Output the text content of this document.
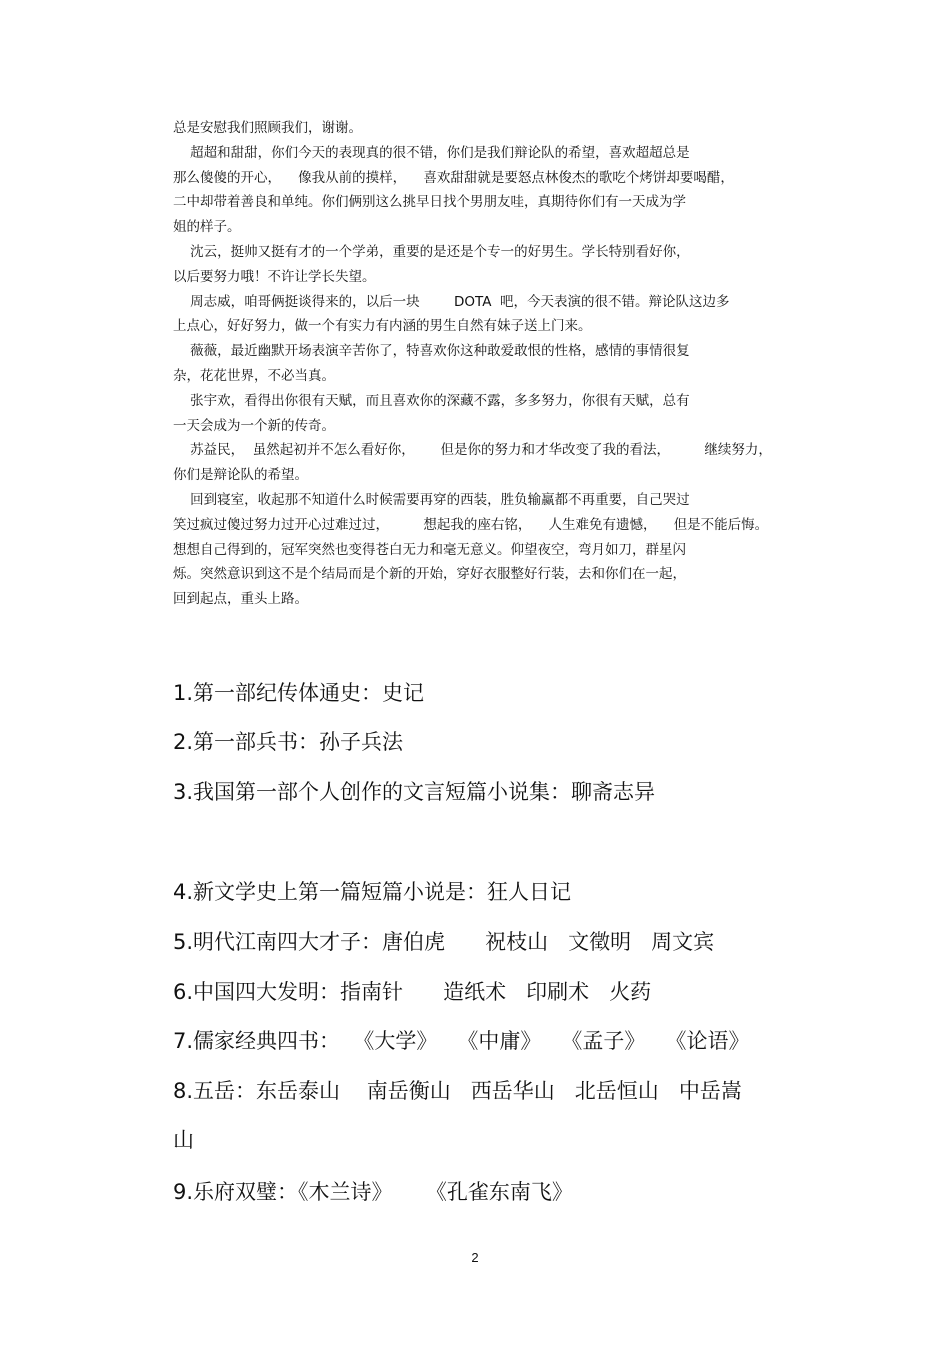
总是安慰我们照顾我们，谢谢。
超超和甜甜，你们今天的表现真的很不错，你们是我们辩论队的希望，喜欢超超总是
那么傻傻的开心，    像我从前的摸样，    喜欢甜甜就是要怒点林俊杰的歌吃个烤饼却要喝醋，
二中却带着善良和单纯。你们俩别这么挑早日找个男朋友哇，真期待你们有一天成为学
姐的样子。
沈云，挺帅又挺有才的一个学弟，重要的是还是个专一的好男生。学长特别看好你，
以后要努力哦！不许让学长失望。
周志威，咱哥俩挺谈得来的，以后一块        DOTA  吧，今天表演的很不错。辩论队这边多
上点心，好好努力，做一个有实力有内涵的男生自然有妹子送上门来。
薇薇，最近幽默开场表演辛苦你了，特喜欢你这种敢爱敢恨的性格，感情的事情很复
杂，花花世界，不必当真。
张宇欢，看得出你很有天赋，而且喜欢你的深藏不露，多多努力，你很有天赋，总有
一天会成为一个新的传奇。
苏益民，  虽然起初并不怎么看好你，      但是你的努力和才华改变了我的看法，        继续努力，
你们是辩论队的希望。
回到寝室，收起那不知道什么时候需要再穿的西装，胜负输赢都不再重要，自己哭过
笑过疯过傻过努力过开心过难过过，        想起我的座右铭，    人生难免有遗憾，    但是不能后悔。
想想自己得到的，冠军突然也变得苍白无力和毫无意义。仰望夜空，弯月如刀，群星闪
烁。突然意识到这不是个结局而是个新的开始，穿好衣服整好行装，去和你们在一起，
回到起点，重头上路。
1.第一部纪传体通史：史记
2.第一部兵书：孙子兵法
3.我国第一部个人创作的文言短篇小说集：聊斋志异
4.新文学史上第一篇短篇小说是：狂人日记
5.明代江南四大才子：唐伯虎      祝枝山   文徵明   周文宾
6.中国四大发明：指南针      造纸术   印刷术   火药
7.儒家经典四书：  《大学》   《中庸》   《孟子》   《论语》
8.五岳：东岳泰山    南岳衡山   西岳华山   北岳恒山   中岳嵩
山
9.乐府双璧：《木兰诗》     《孔雀东南飞》
2
